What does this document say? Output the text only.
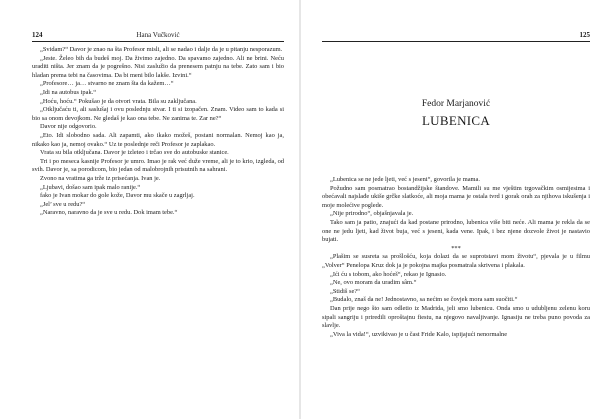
124	Hana Vučković

„Svidam?“ Davor je znao na šta Profesor misli, ali se nadao i dalje da je u pitanju nesporazum.

„Jeste. Želeo bih da budeš moj. Da živimo zajedno. Da spavamo zajedno. Ali ne brini. Neću uraditi ništa. Jer znam da je pogrešno. Nisi zaslužio da prenesem patnju na tebe. Zato sam i bio hladan prema tebi na časovima. Da bi meni bilo lakše. Izvini.“

„Profesore… ja… stvarno ne znam šta da kažem…“

„Idi na autobus ipak.“

„Hoću, hoću.“ Pokušao je da otvori vrata. Bila su zaključana.

„Otključaću ti, ali saslušaj i ovu poslednju stvar. I ti si izopačen. Znam. Video sam to kada si bio sa onom devojkom. Ne gledaš je kao ona tebe. Ne zanima te. Zar ne?“

Davor nije odgovorio.

„Eto. Idi slobodno sada. Ali zapamti, ako ikako možeš, postani normalan. Nemoj kao ja, nikako kao ja, nemoj ovako.“ Uz te poslednje reči Profesor je zaplakao.

Vrata su bila otključana. Davor je izleteo i trčao sve do autobuske stanice.

Tri i po meseca kasnije Profesor je umro. Imao je rak već duže vreme, ali je to krio, izgleda, od svih. Davor je, sa porodicom, bio jedan od malobrojnih prisutnih na sahrani.

Zvono na vratima ga trže iz prisećanja. Ivan je.

„Ljubavi, došao sam ipak malo ranije.“

fako je Ivan mokar do gole kože, Davor mu skače u zagrljaj.

„Jel’ sve u redu?“

„Naravno, naravno da je sve u redu. Dok imam tebe.“

125
Fedor Marjanović
LUBENICA

„Lubenica se ne jede ljeti, već s jeseni“, govorila je mama.

Požudno sam posmatrao bostandžijske štandove. Mamili su me vještim trgovačkim osmijesima i obećavali najslađe ukiše grčke slatkoće, ali moja mama je ostala tvrd i gorak orah za njihova iskušenja i moje molećive poglede.

„Nije prirodno“, objašnjavala je.

Tako sam ja patio, znajući da kad postane prirodno, lubenica više biti neće. Ali mama je rekla da se one ne jedu ljeti, kad život buja, već s jeseni, kada vene. Ipak, i bez njene dozvole život je nastavio bujati.

***

„Plašim se susreta sa prošlošću, koja dolazi da se suprotstavi mom životu“, pjevala je u filmu „Volver“ Penelopa Kruz dok ja je pokojna majka posmatrala skrivena i plakala.

„Ići ću s tobom, ako hoćeš“, rekao je Ignasio.

„Ne, ovo moram da uradim sâm.“

„Stidiš se?“

„Budalo, znaš da ne! Jednostavno, sa nećim se čovjek mora sam suočiti.“

Dan prije nego što sam odletio iz Madrida, jeli smo lubenicu. Onda smo u udubljenu zelenu koru sipali sangriju i priredili oproštajnu fiestu, na njegovo navaljivanje. Ignasiju ne treba puno povoda za slavlje.

„Viva la vida!“, uzvikivao je u čast Fride Kalo, ispijajući nenormalne
